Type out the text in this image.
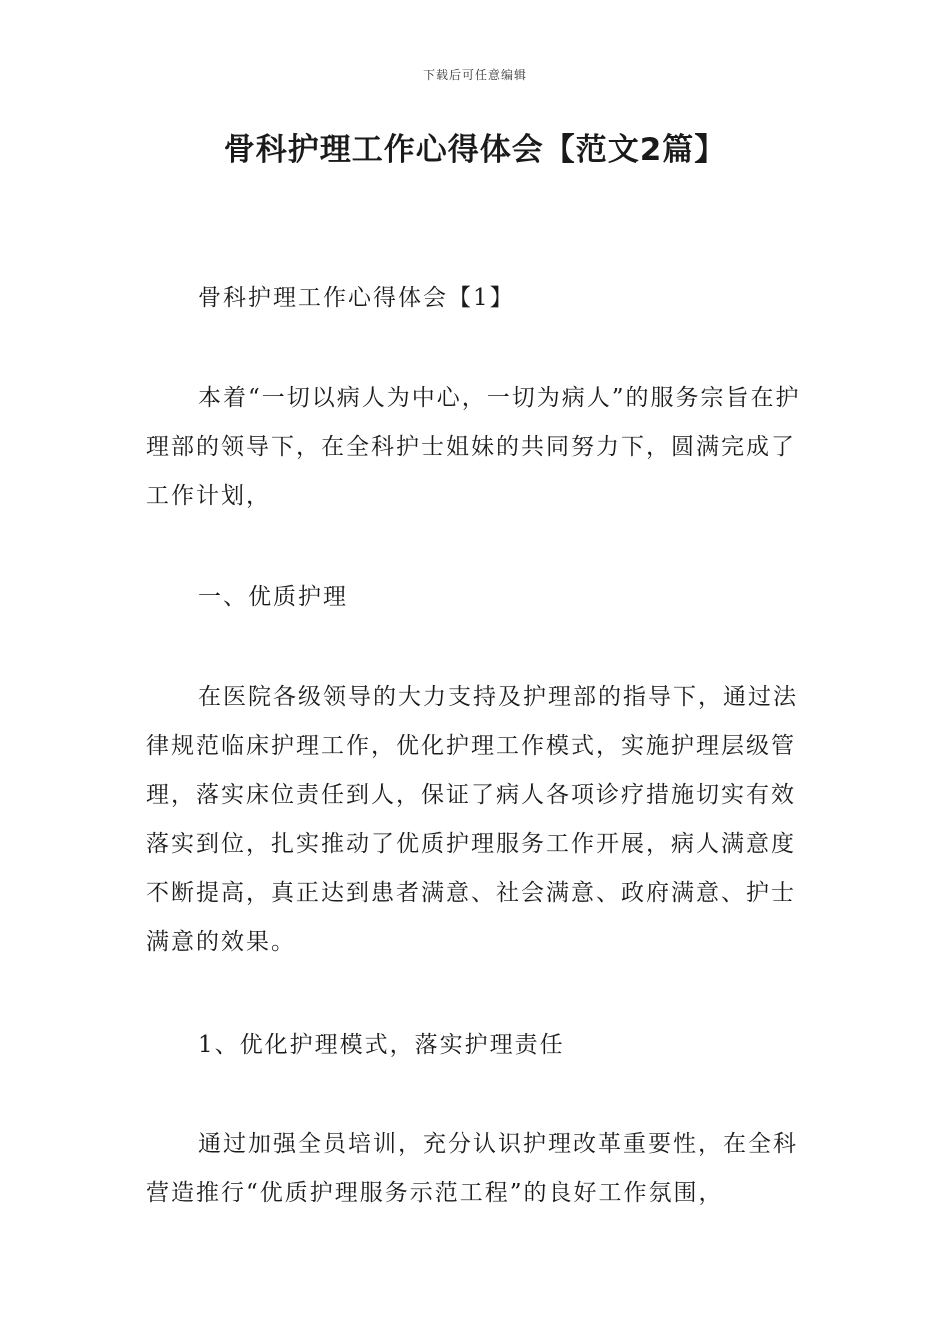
下载后可任意编辑
骨科护理工作心得体会【范文2篇】

骨科护理工作心得体会【1】

本着“一切以病人为中心，一切为病人”的服务宗旨在护理部的领导下，在全科护士姐妹的共同努力下，圆满完成了工作计划，

一、优质护理

在医院各级领导的大力支持及护理部的指导下，通过法律规范临床护理工作，优化护理工作模式，实施护理层级管理，落实床位责任到人，保证了病人各项诊疗措施切实有效落实到位，扎实推动了优质护理服务工作开展，病人满意度不断提高，真正达到患者满意、社会满意、政府满意、护士满意的效果。

1、优化护理模式，落实护理责任

通过加强全员培训，充分认识护理改革重要性，在全科营造推行“优质护理服务示范工程”的良好工作氛围，
